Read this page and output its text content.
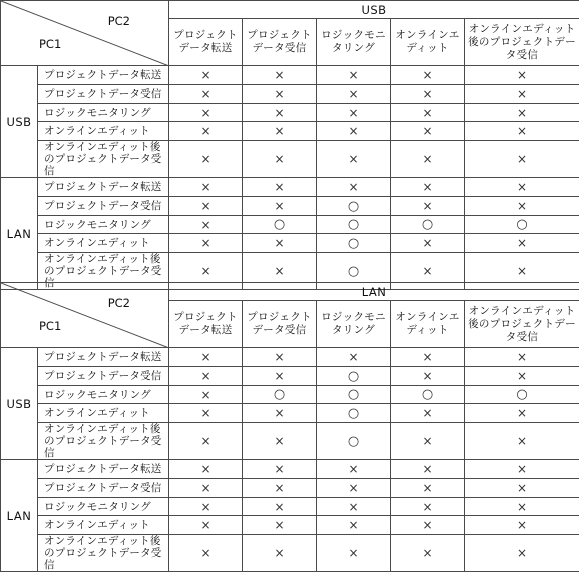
PC2
PC1		USB				
		プロジェクトデータ転送	プロジェクトデータ受信	ロジックモニタリング	オンラインエディット	オンラインエディット後のプロジェクトデータ受信
USB	プロジェクトデータ転送	×	×	×	×	×
	プロジェクトデータ受信	×	×	×	×	×
	ロジックモニタリング	×	×	×	×	×
	オンラインエディット	×	×	×	×	×
	オンラインエディット後のプロジェクトデータ受信	×	×	×	×	×
LAN	プロジェクトデータ転送	×	×	×	×	×
	プロジェクトデータ受信	×	×	○	×	×
	ロジックモニタリング	×	○	○	○	○
	オンラインエディット	×	×	○	×	×
	オンラインエディット後のプロジェクトデータ受信	×	×	○	×	×
PC2
PC1		LAN				
		プロジェクトデータ転送	プロジェクトデータ受信	ロジックモニタリング	オンラインエディット	オンラインエディット後のプロジェクトデータ受信
USB	プロジェクトデータ転送	×	×	×	×	×
	プロジェクトデータ受信	×	×	○	×	×
	ロジックモニタリング	×	○	○	○	○
	オンラインエディット	×	×	○	×	×
	オンラインエディット後のプロジェクトデータ受信	×	×	○	×	×
LAN	プロジェクトデータ転送	×	×	×	×	×
	プロジェクトデータ受信	×	×	×	×	×
	ロジックモニタリング	×	×	×	×	×
	オンラインエディット	×	×	×	×	×
	オンラインエディット後のプロジェクトデータ受信	×	×	×	×	×
